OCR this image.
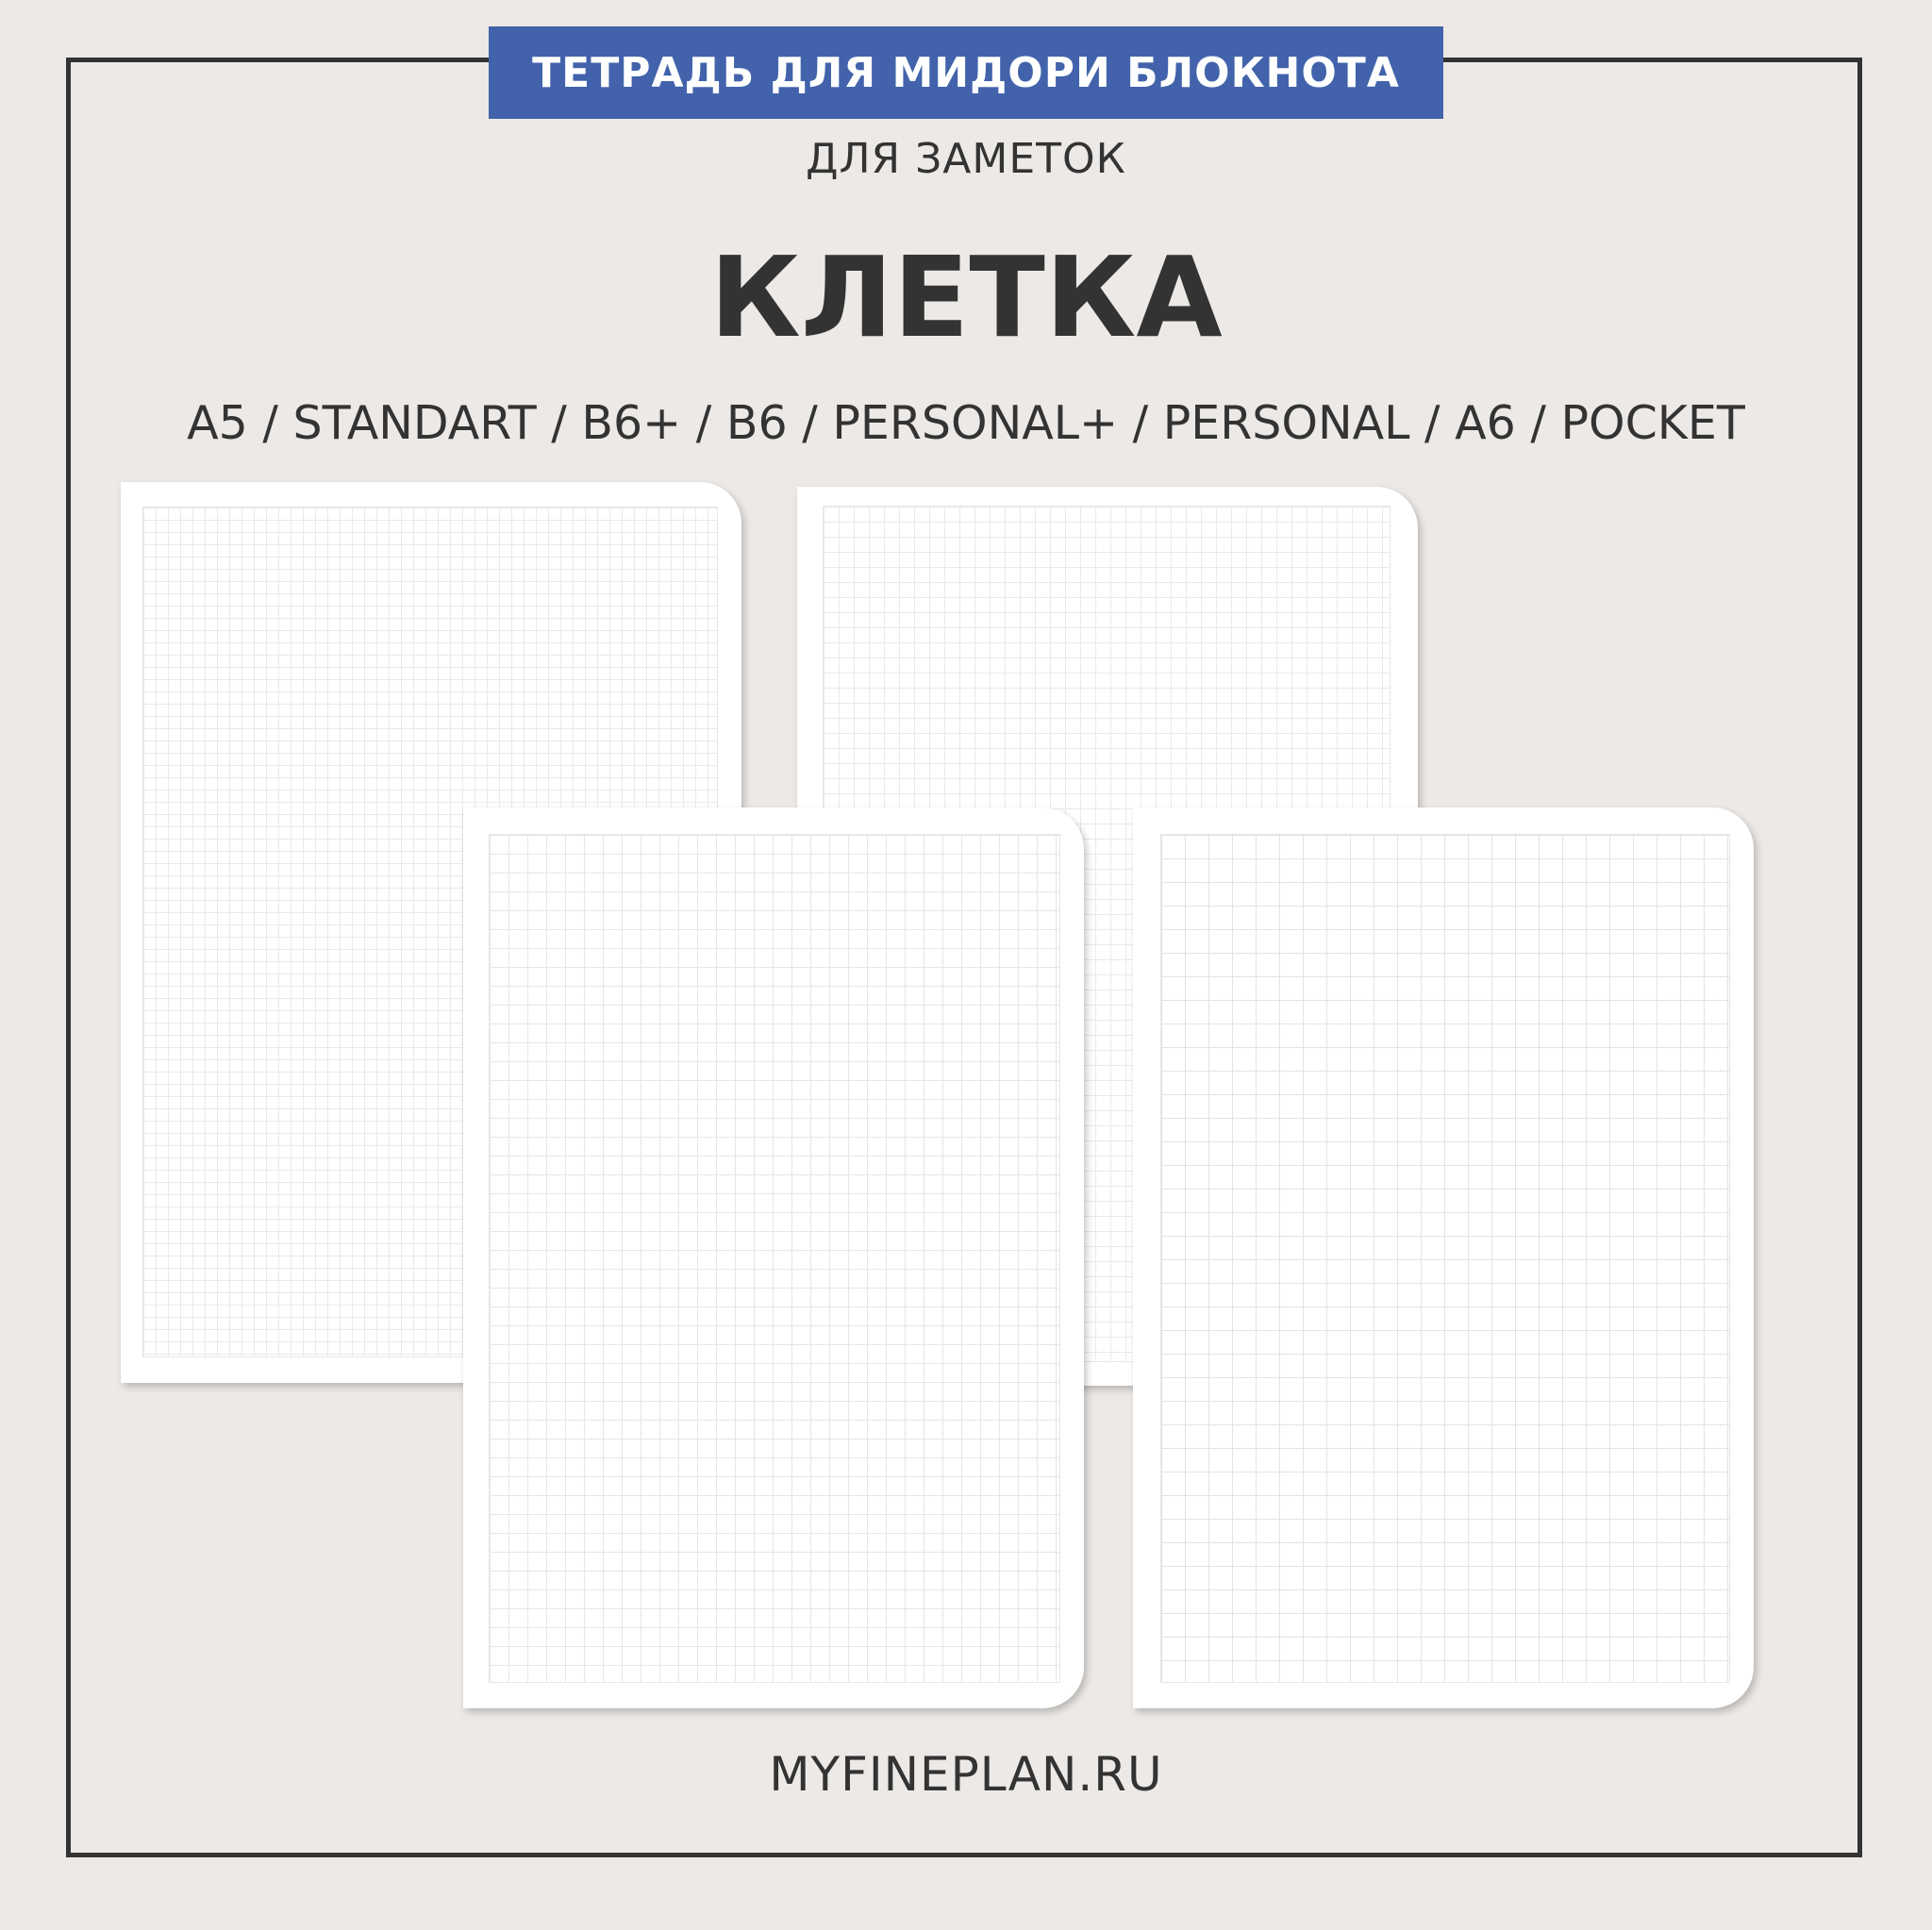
ТЕТРАДЬ ДЛЯ МИДОРИ БЛОКНОТА
ДЛЯ ЗАМЕТОК
КЛЕТКА
A5 / STANDART / B6+ / B6 / PERSONAL+ / PERSONAL / A6 / POCKET
MYFINEPLAN.RU
